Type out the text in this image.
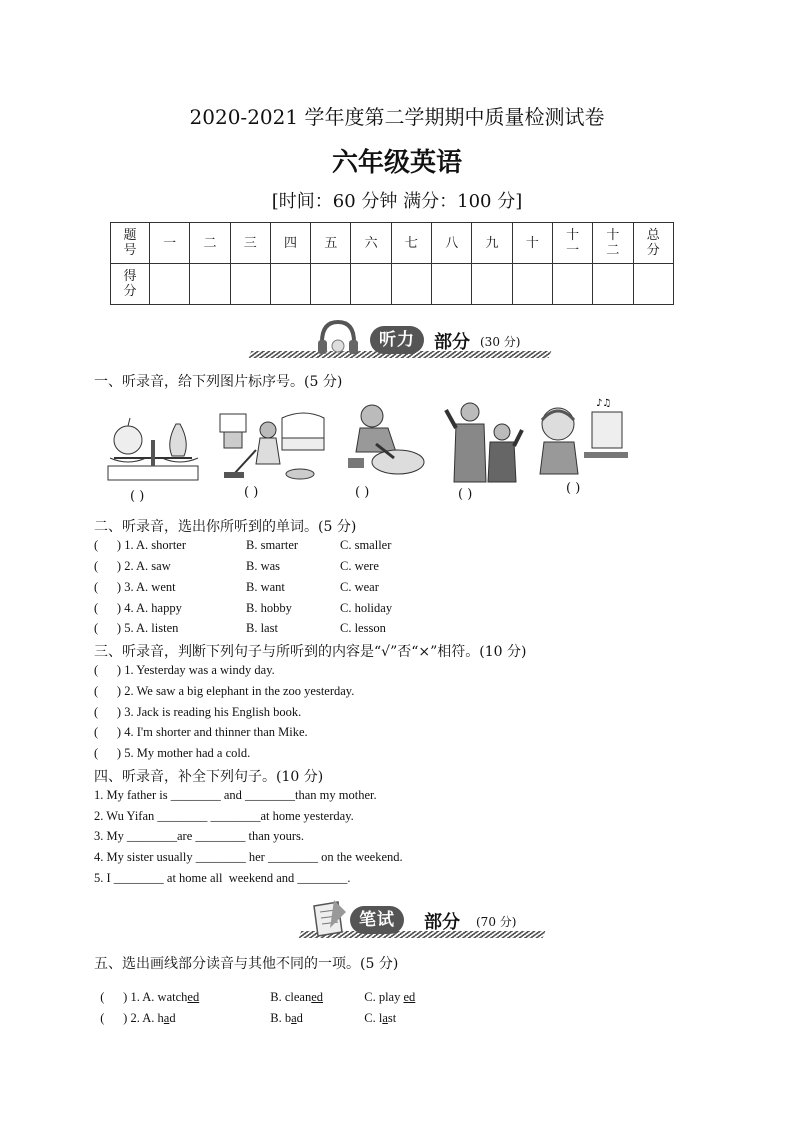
2020-2021 学年度第二学期期中质量检测试卷
六年级英语
[时间：60 分钟 满分：100 分]
题号	一	二	三	四	五	六	七	八	九	十	十一	十二	总分
得分													
听力	部分 (30 分)
一、听录音，给下列图片标序号。(5 分)
( )	( )	( )	( )
♪♫
( )
二、听录音，选出你所听到的单词。(5 分)
(      ) 1. A. shorter	B. smarter	C. smaller
(      ) 2. A. saw	B. was	C. were
(      ) 3. A. went	B. want	C. wear
(      ) 4. A. happy	B. hobby	C. holiday
(      ) 5. A. listen	B. last	C. lesson
三、听录音，判断下列句子与所听到的内容是“√”否“×”相符。(10 分)
(      ) 1. Yesterday was a windy day.
(      ) 2. We saw a big elephant in the zoo yesterday.
(      ) 3. Jack is reading his English book.
(      ) 4. I'm shorter and thinner than Mike.
(      ) 5. My mother had a cold.
四、听录音，补全下列句子。(10 分)
1. My father is ________ and ________than my mother.
2. Wu Yifan ________ ________at home yesterday.
3. My ________are ________ than yours.
4. My sister usually ________ her ________ on the weekend.
5. I ________ at home all  weekend and ________.
笔试	部分 (70 分)
五、选出画线部分读音与其他不同的一项。(5 分)

(      ) 1. A. watched	B. cleaned	C. play ed

(      ) 2. A. had	B. bad	C. last
